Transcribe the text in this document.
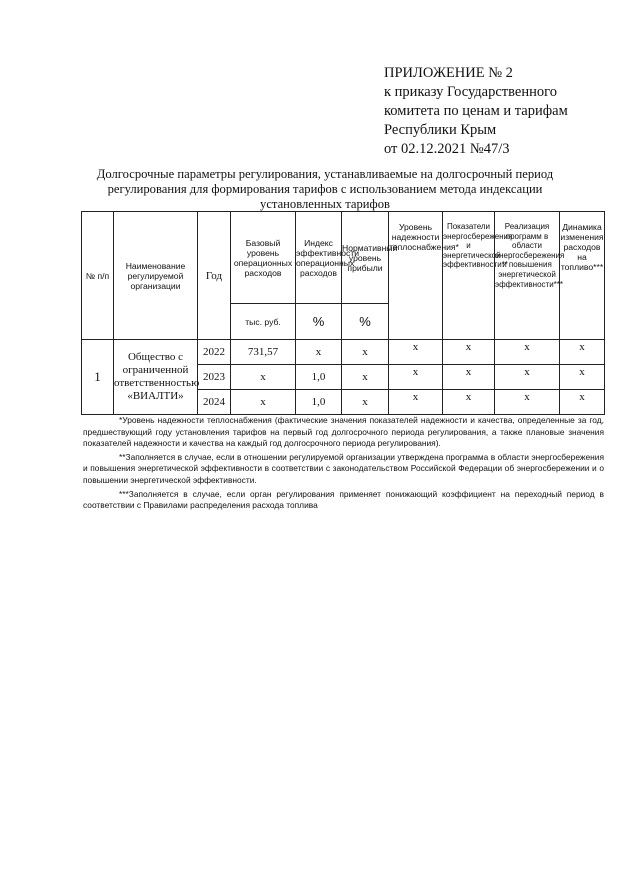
ПРИЛОЖЕНИЕ № 2
к приказу Государственного
комитета по ценам и тарифам
Республики Крым
от 02.12.2021 №47/3
Долгосрочные параметры регулирования, устанавливаемые на долгосрочный период
регулирования для формирования тарифов с использованием метода индексации
установленных тарифов
№ п/п	Наименование регулируемой организации	Год	Базовый уровень операционных расходов	Индекс эффективности операционных расходов	Нормативный уровень прибыли	Уровень надежности теплоснабжения*	Показатели энергосбережения и энергетической эффективности**	Реализация программ в области энергосбережения и повышения энергетической эффективности***	Динамика изменения расходов на топливо***
			тыс. руб.	%	%				
1	Общество с ограниченной ответственностью «ВИАЛТИ»	2022	731,57	x	x	x	x	x	x
		2023	x	1,0	x	x	x	x	x
		2024	x	1,0	x	x	x	x	x

*Уровень надежности теплоснабжения (фактические значения показателей надежности и качества, определенные за год, предшествующий году установления тарифов на первый год долгосрочного периода регулирования, а также плановые значения показателей надежности и качества на каждый год долгосрочного периода регулирования).

**Заполняется в случае, если в отношении регулируемой организации утверждена программа в области энергосбережения и повышения энергетической эффективности в соответствии с законодательством Российской Федерации об энергосбережении и о повышении энергетической эффективности.

***Заполняется в случае, если орган регулирования применяет понижающий коэффициент на переходный период в соответствии с Правилами распределения расхода топлива
